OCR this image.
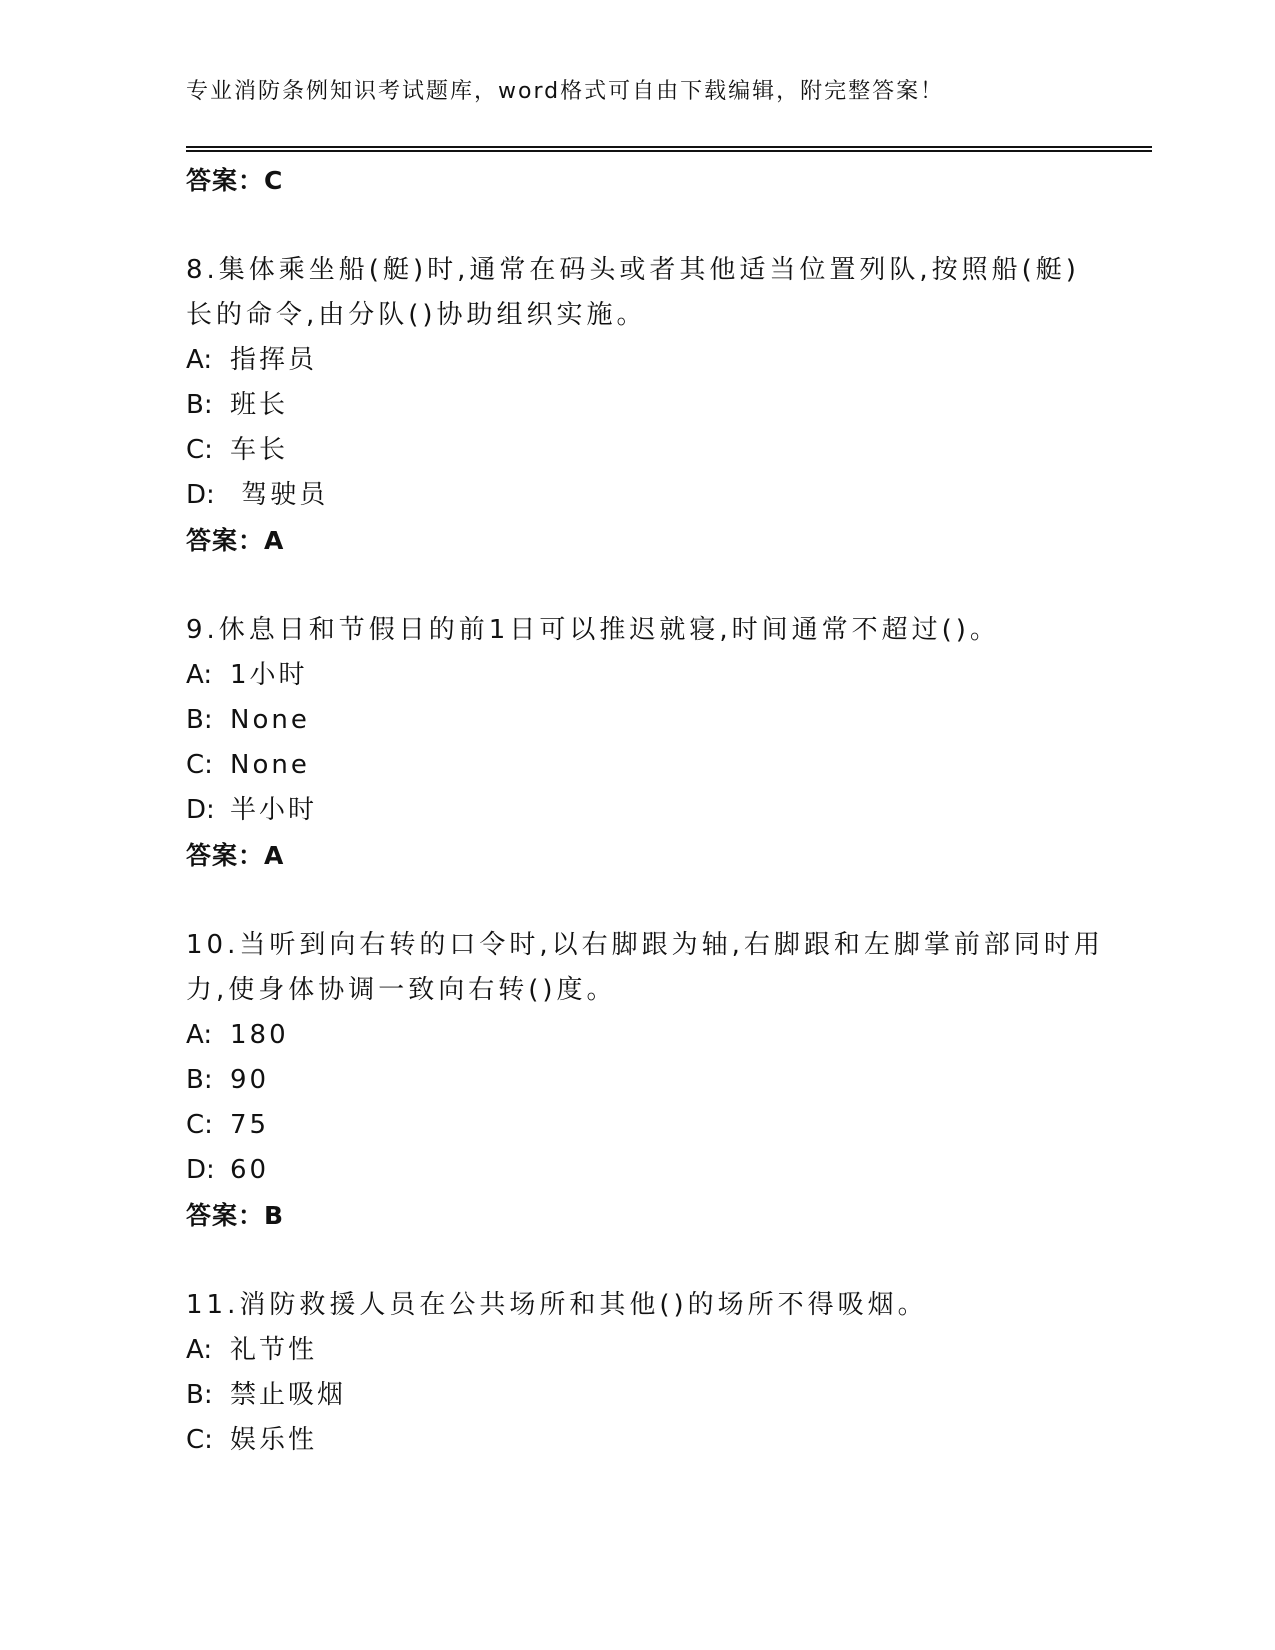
专业消防条例知识考试题库，word格式可自由下载编辑，附完整答案！
答案：C
8.集体乘坐船(艇)时,通常在码头或者其他适当位置列队,按照船(艇)
长的命令,由分队()协助组织实施。
A: 指挥员
B: 班长
C: 车长
D: 驾驶员
答案：A
9.休息日和节假日的前1日可以推迟就寝,时间通常不超过()。
A: 1小时
B: None
C: None
D: 半小时
答案：A
10.当听到向右转的口令时,以右脚跟为轴,右脚跟和左脚掌前部同时用
力,使身体协调一致向右转()度。
A: 180
B: 90
C: 75
D: 60
答案：B
11.消防救援人员在公共场所和其他()的场所不得吸烟。
A: 礼节性
B: 禁止吸烟
C: 娱乐性
